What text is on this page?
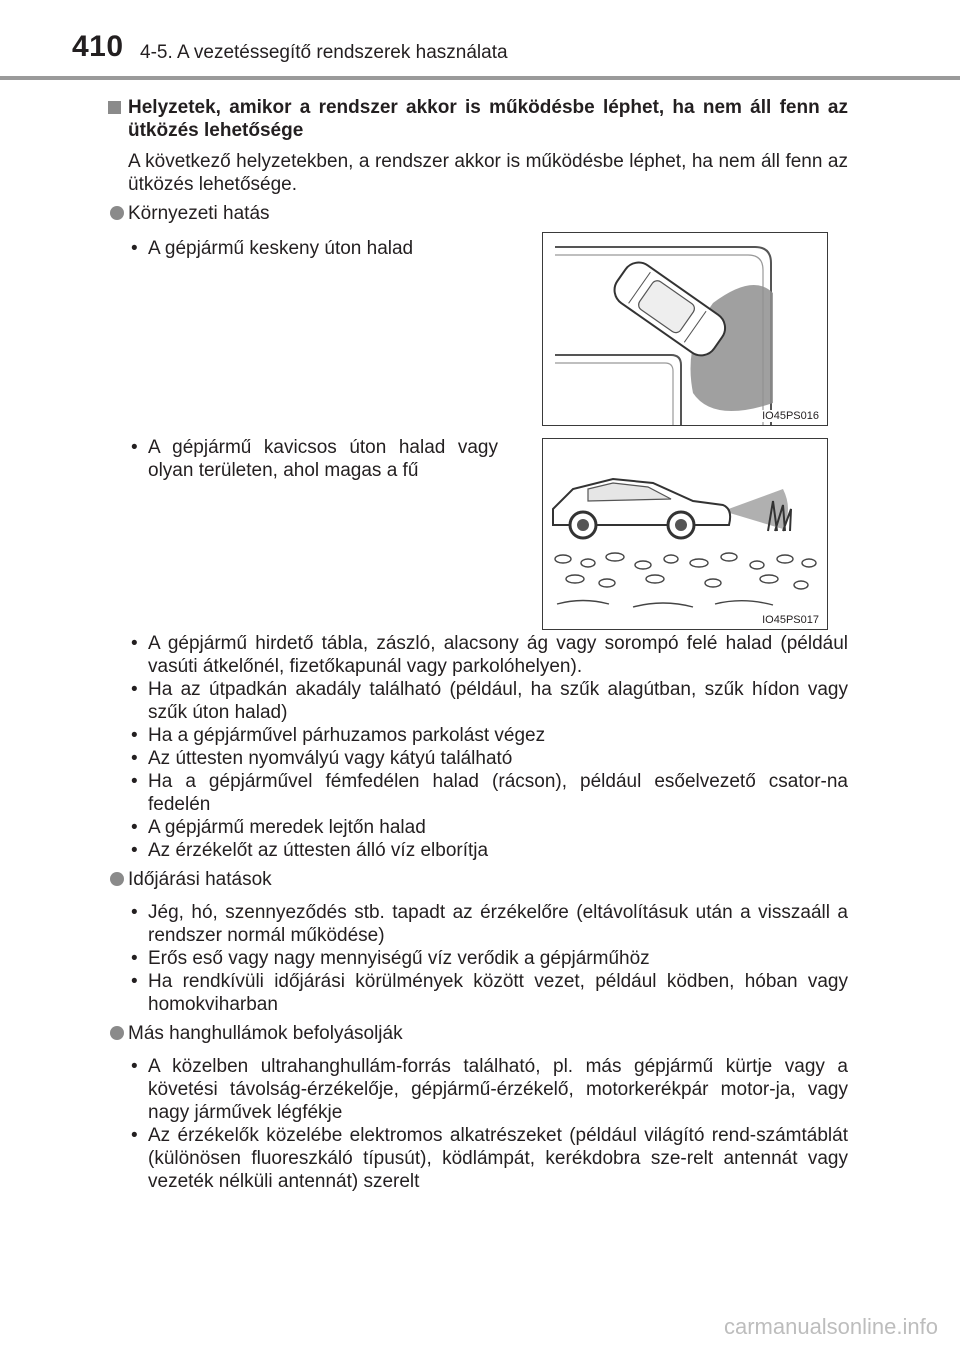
410 4-5. A vezetéssegítő rendszerek használata
Helyzetek, amikor a rendszer akkor is működésbe léphet, ha nem áll fenn az ütközés lehetősége
A következő helyzetekben, a rendszer akkor is működésbe léphet, ha nem áll fenn az ütközés lehetősége.
Környezeti hatás
• A gépjármű keskeny úton halad
• A gépjármű kavicsos úton halad vagy olyan területen, ahol magas a fű
• A gépjármű hirdető tábla, zászló, alacsony ág vagy sorompó felé halad (például vasúti átkelőnél, fizetőkapunál vagy parkolóhelyen).
• Ha az útpadkán akadály található (például, ha szűk alagútban, szűk hídon vagy szűk úton halad)
• Ha a gépjárművel párhuzamos parkolást végez
• Az úttesten nyomvályú vagy kátyú található
• Ha a gépjárművel fémfedélen halad (rácson), például esőelvezető csator-na fedelén
• A gépjármű meredek lejtőn halad
• Az érzékelőt az úttesten álló víz elborítja
Időjárási hatások
• Jég, hó, szennyeződés stb. tapadt az érzékelőre (eltávolításuk után a visszaáll a rendszer normál működése)
• Erős eső vagy nagy mennyiségű víz verődik a gépjárműhöz
• Ha rendkívüli időjárási körülmények között vezet, például ködben, hóban vagy homokviharban
Más hanghullámok befolyásolják
• A közelben ultrahanghullám-forrás található, pl. más gépjármű kürtje vagy a követési távolság-érzékelője, gépjármű-érzékelő, motorkerékpár motor-ja, vagy nagy járművek légfékje
• Az érzékelők közelébe elektromos alkatrészeket (például világító rend-számtáblát (különösen fluoreszkáló típusút), ködlámpát, kerékdobra sze-relt antennát vagy vezeték nélküli antennát) szerelt
IO45PS016
IO45PS017
carmanualsonline.info
